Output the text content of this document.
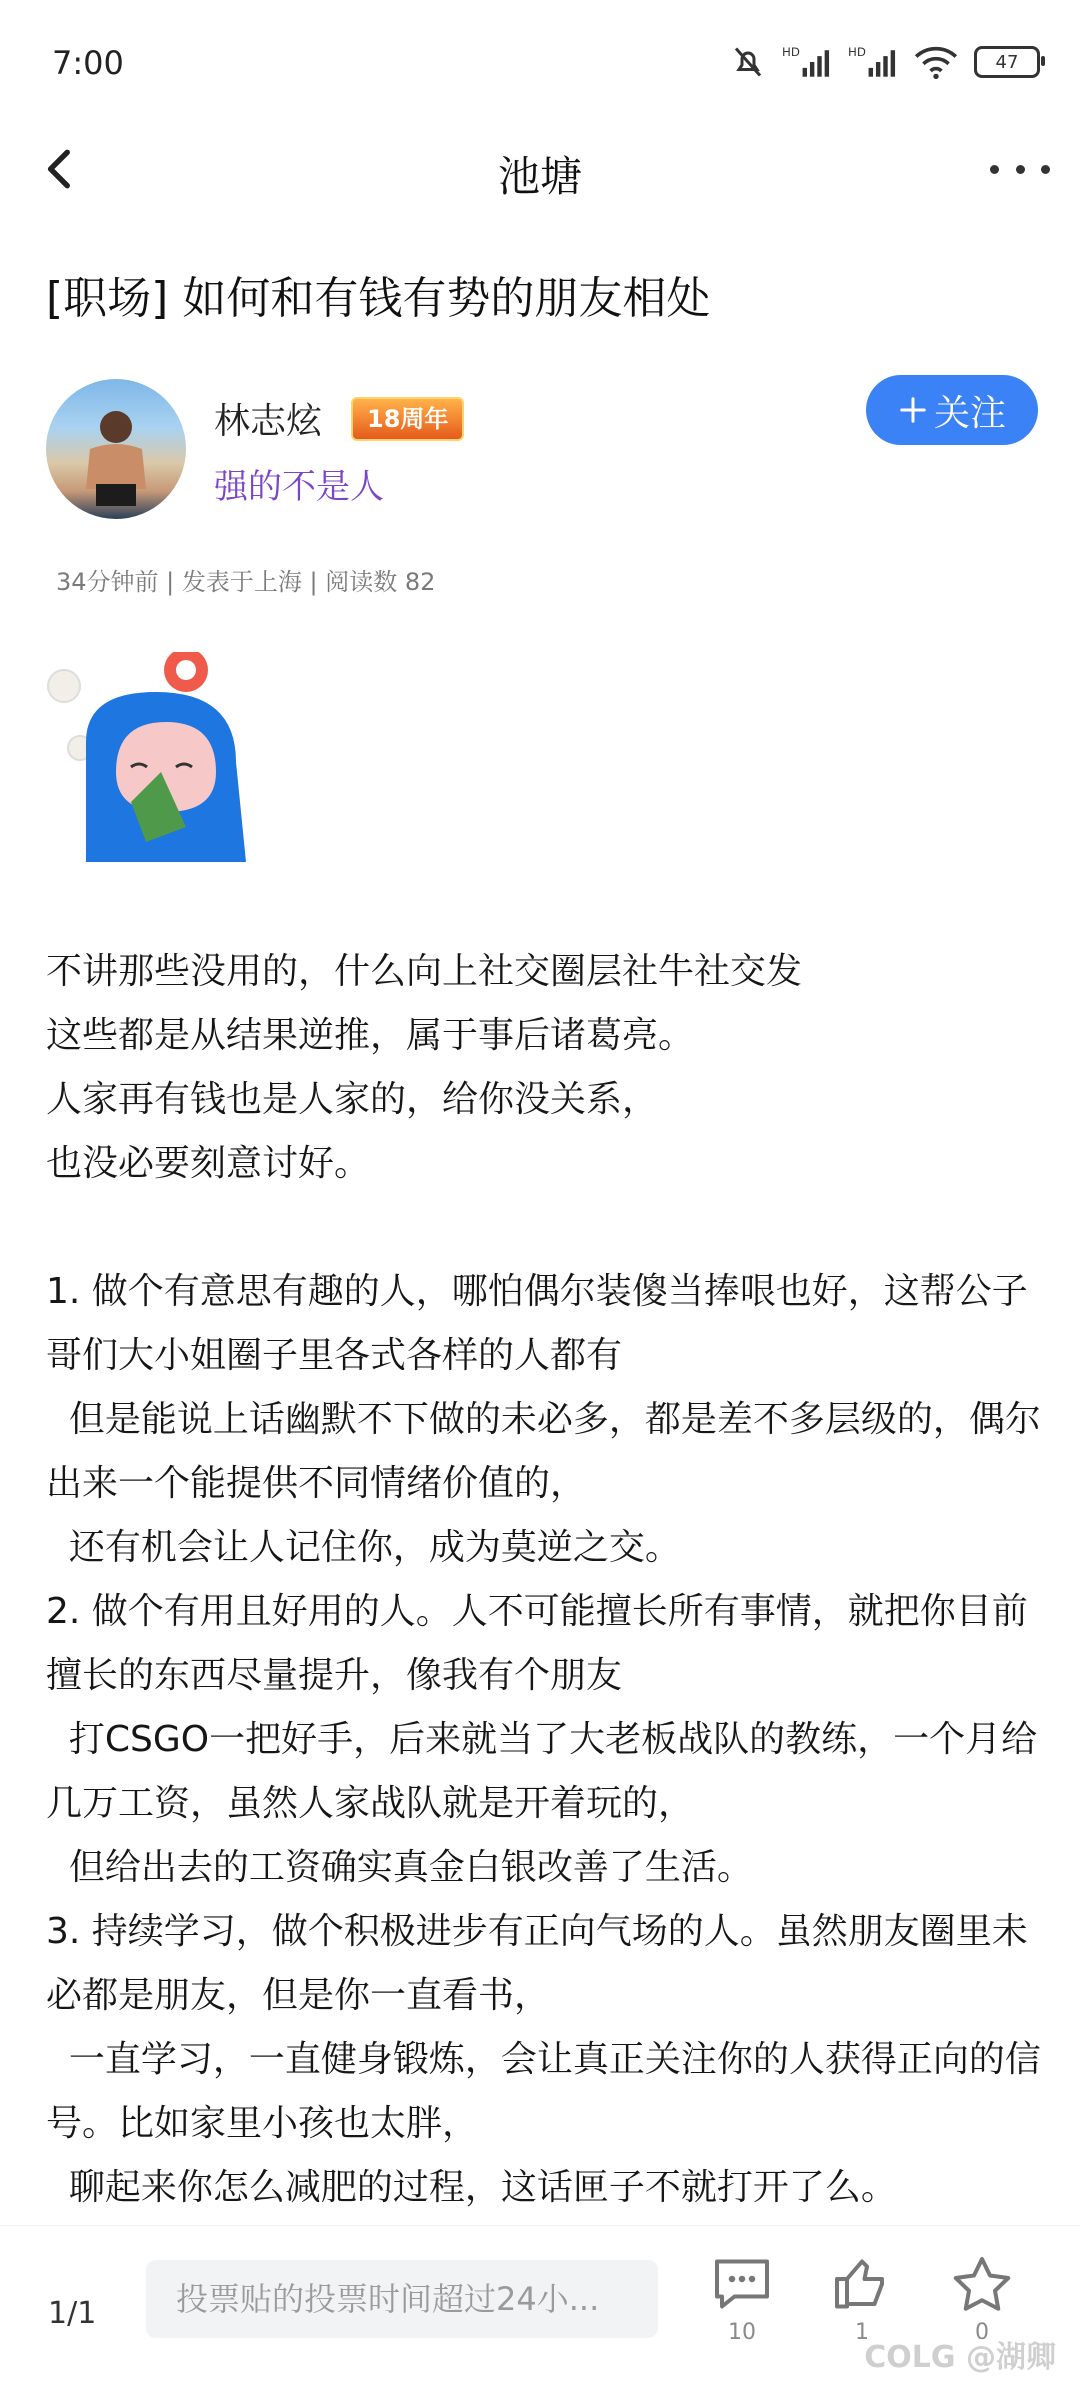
7:00	HD	HD	47
池塘
[职场] 如何和有钱有势的朋友相处
林志炫	18周年
强的不是人
关注
34分钟前 | 发表于上海 | 阅读数 82

不讲那些没用的，什么向上社交圈层社牛社交发

这些都是从结果逆推，属于事后诸葛亮。

人家再有钱也是人家的，给你没关系，

也没必要刻意讨好。

1. 做个有意思有趣的人，哪怕偶尔装傻当捧哏也好，这帮公子哥们大小姐圈子里各式各样的人都有

但是能说上话幽默不下做的未必多，都是差不多层级的，偶尔出来一个能提供不同情绪价值的，

还有机会让人记住你，成为莫逆之交。

2. 做个有用且好用的人。人不可能擅长所有事情，就把你目前擅长的东西尽量提升，像我有个朋友

打CSGO一把好手，后来就当了大老板战队的教练，一个月给几万工资，虽然人家战队就是开着玩的，

但给出去的工资确实真金白银改善了生活。

3. 持续学习，做个积极进步有正向气场的人。虽然朋友圈里未必都是朋友，但是你一直看书，

一直学习，一直健身锻炼，会让真正关注你的人获得正向的信号。比如家里小孩也太胖，

聊起来你怎么减肥的过程，这话匣子不就打开了么。

1/1	投票贴的投票时间超过24小...
10	1	0
COLG @湖卿
